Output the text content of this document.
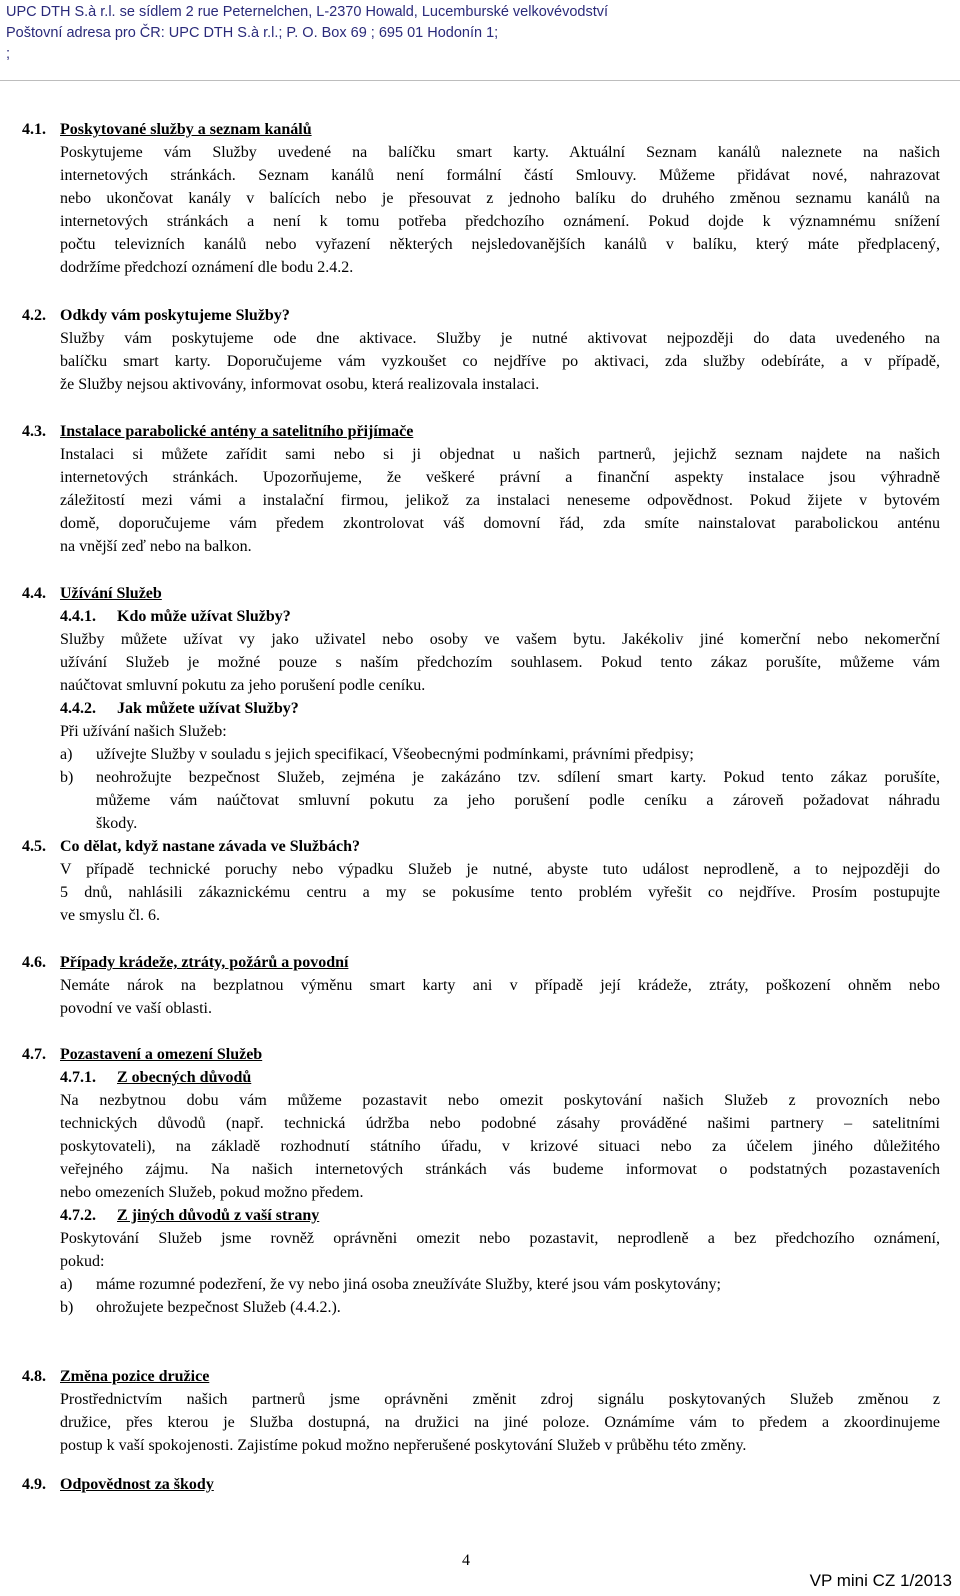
UPC DTH S.à r.l. se sídlem 2 rue Peternelchen, L-2370 Howald, Lucemburské velkovévodství
Poštovní adresa pro ČR: UPC DTH S.à r.l.; P. O. Box 69 ; 695 01 Hodonín 1;
;
4.1. Poskytované služby a seznam kanálů
Poskytujeme vám Služby uvedené na balíčku smart karty. Aktuální Seznam kanálů naleznete na našich
internetových stránkách. Seznam kanálů není formální částí Smlouvy. Můžeme přidávat nové, nahrazovat
nebo ukončovat kanály v balících nebo je přesouvat z jednoho balíku do druhého změnou seznamu kanálů na
internetových stránkách a není k tomu potřeba předchozího oznámení. Pokud dojde k významnému snížení
počtu televizních kanálů nebo vyřazení některých nejsledovanějších kanálů v balíku, který máte předplacený,
dodržíme předchozí oznámení dle bodu 2.4.2.
4.2. Odkdy vám poskytujeme Služby?
Služby vám poskytujeme ode dne aktivace. Služby je nutné aktivovat nejpozději do data uvedeného na
balíčku smart karty. Doporučujeme vám vyzkoušet co nejdříve po aktivaci, zda služby odebíráte, a v případě,
že Služby nejsou aktivovány, informovat osobu, která realizovala instalaci.
4.3. Instalace parabolické antény a satelitního přijímače
Instalaci si můžete zařídit sami nebo si ji objednat u našich partnerů, jejichž seznam najdete na našich
internetových stránkách. Upozorňujeme, že veškeré právní a finanční aspekty instalace jsou výhradně
záležitostí mezi vámi a instalační firmou, jelikož za instalaci neneseme odpovědnost. Pokud žijete v bytovém
domě, doporučujeme vám předem zkontrolovat váš domovní řád, zda smíte nainstalovat parabolickou anténu
na vnější zeď nebo na balkon.
4.4. Užívání Služeb
4.4.1. Kdo může užívat Služby?
Služby můžete užívat vy jako uživatel nebo osoby ve vašem bytu. Jakékoliv jiné komerční nebo nekomerční
užívání Služeb je možné pouze s naším předchozím souhlasem. Pokud tento zákaz porušíte, můžeme vám
naúčtovat smluvní pokutu za jeho porušení podle ceníku.
4.4.2. Jak můžete užívat Služby?
Při užívání našich Služeb:
a) užívejte Služby v souladu s jejich specifikací, Všeobecnými podmínkami, právními předpisy;
b) neohrožujte bezpečnost Služeb, zejména je zakázáno tzv. sdílení smart karty. Pokud tento zákaz porušíte,
můžeme vám naúčtovat smluvní pokutu za jeho porušení podle ceníku a zároveň požadovat náhradu
škody.
4.5. Co dělat, když nastane závada ve Službách?
V případě technické poruchy nebo výpadku Služeb je nutné, abyste tuto událost neprodleně, a to nejpozději do
5 dnů, nahlásili zákaznickému centru a my se pokusíme tento problém vyřešit co nejdříve. Prosím postupujte
ve smyslu čl. 6.
4.6. Případy krádeže, ztráty, požárů a povodní
Nemáte nárok na bezplatnou výměnu smart karty ani v případě její krádeže, ztráty, poškození ohněm nebo
povodní ve vaší oblasti.
4.7. Pozastavení a omezení Služeb
4.7.1. Z obecných důvodů
Na nezbytnou dobu vám můžeme pozastavit nebo omezit poskytování našich Služeb z provozních nebo
technických důvodů (např. technická údržba nebo podobné zásahy prováděné našimi partnery – satelitními
poskytovateli), na základě rozhodnutí státního úřadu, v krizové situaci nebo za účelem jiného důležitého
veřejného zájmu. Na našich internetových stránkách vás budeme informovat o podstatných pozastaveních
nebo omezeních Služeb, pokud možno předem.
4.7.2. Z jiných důvodů z vaší strany
Poskytování Služeb jsme rovněž oprávněni omezit nebo pozastavit, neprodleně a bez předchozího oznámení,
pokud:
a) máme rozumné podezření, že vy nebo jiná osoba zneužíváte Služby, které jsou vám poskytovány;
b) ohrožujete bezpečnost Služeb (4.4.2.).
4.8. Změna pozice družice
Prostřednictvím našich partnerů jsme oprávněni změnit zdroj signálu poskytovaných Služeb změnou z
družice, přes kterou je Služba dostupná, na družici na jiné poloze. Oznámíme vám to předem a zkoordinujeme
postup k vaší spokojenosti. Zajistíme pokud možno nepřerušené poskytování Služeb v průběhu této změny.
4.9. Odpovědnost za škody
4
VP mini CZ 1/2013
